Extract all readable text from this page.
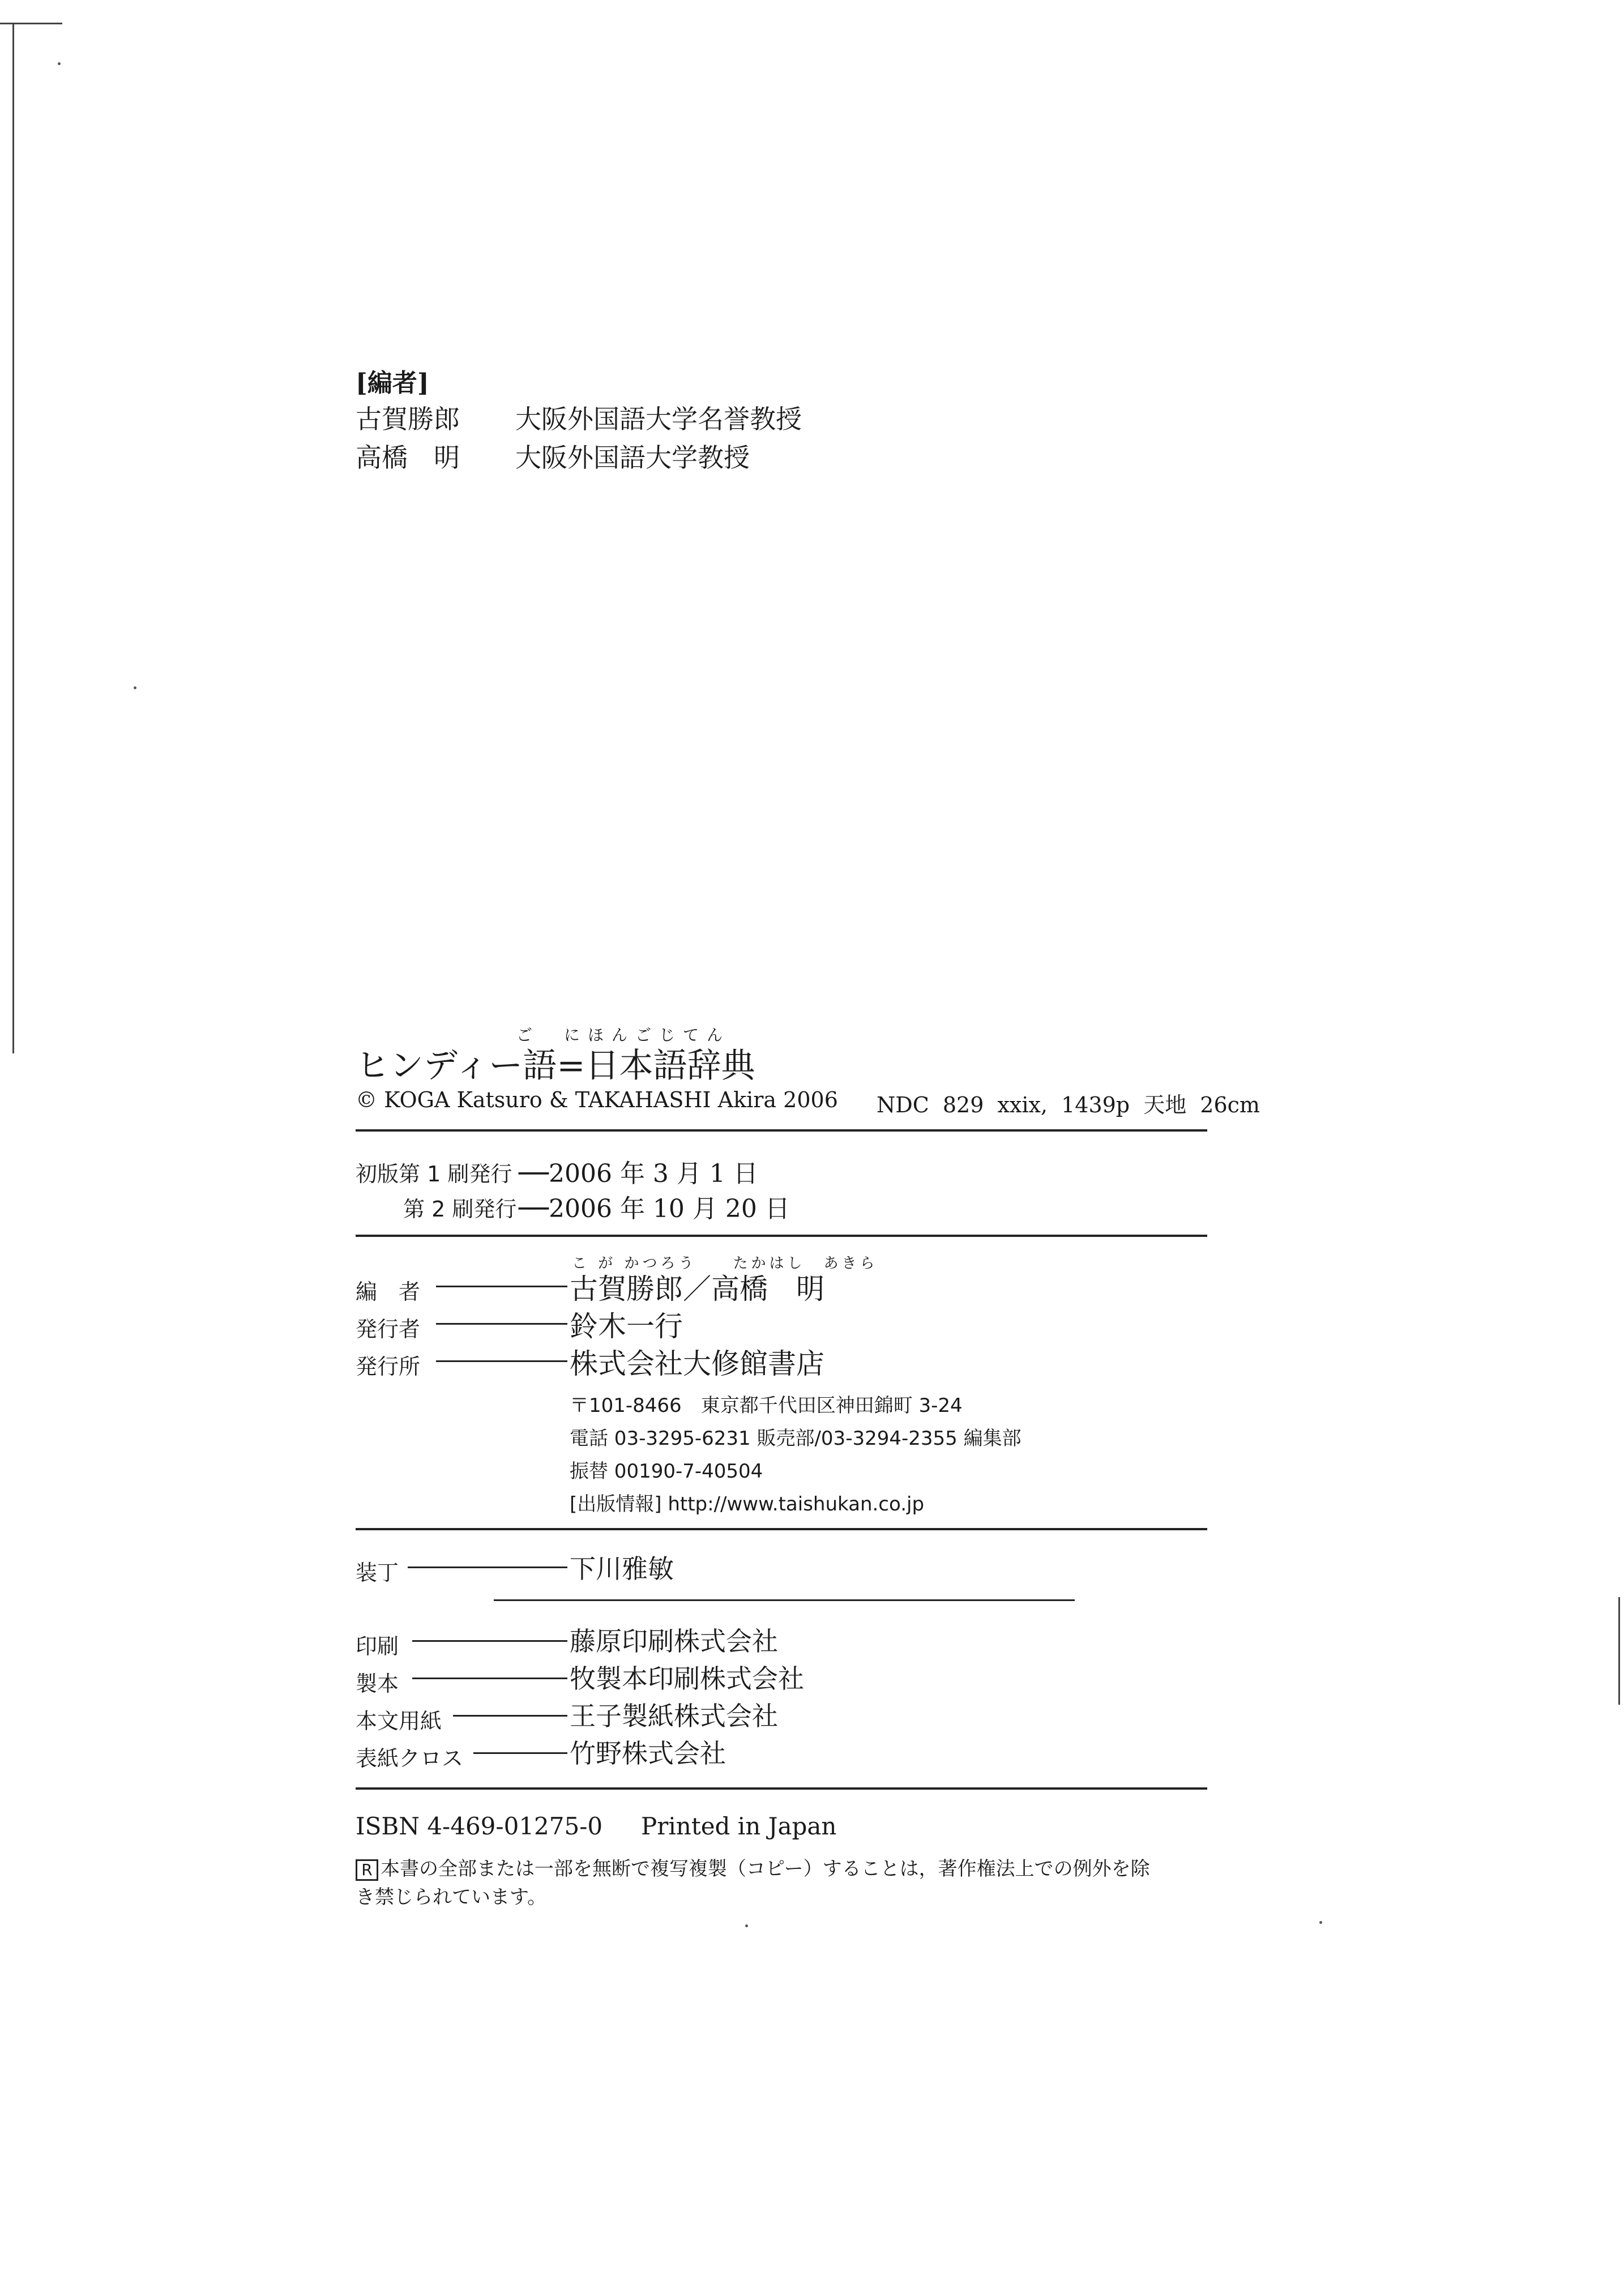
[編者]
古賀勝郎 大阪外国語大学名誉教授
高橋　明 大阪外国語大学教授
ご　にほんごじてん
ヒンディー語=日本語辞典
© KOGA Katsuro & TAKAHASHI Akira 2006 NDC 829 xxix, 1439p 天地 26cm
初版第 1 刷発行 ──2006 年 3 月 1 日
第 2 刷発行 ──2006 年 10 月 20 日
こ が かつろう　　たかはし　あきら
編　者	古賀勝郎／高橋　明
発行者	鈴木一行
発行所	株式会社大修館書店
〒101-8466　東京都千代田区神田錦町 3-24
電話 03-3295-6231 販売部/03-3294-2355 編集部
振替 00190-7-40504
[出版情報] http://www.taishukan.co.jp
装丁	下川雅敏
印刷	藤原印刷株式会社
製本	牧製本印刷株式会社
本文用紙	王子製紙株式会社
表紙クロス	竹野株式会社
ISBN 4-469-01275-0 Printed in Japan
R 本書の全部または一部を無断で複写複製（コピー）することは，著作権法上での例外を除
き禁じられています。
